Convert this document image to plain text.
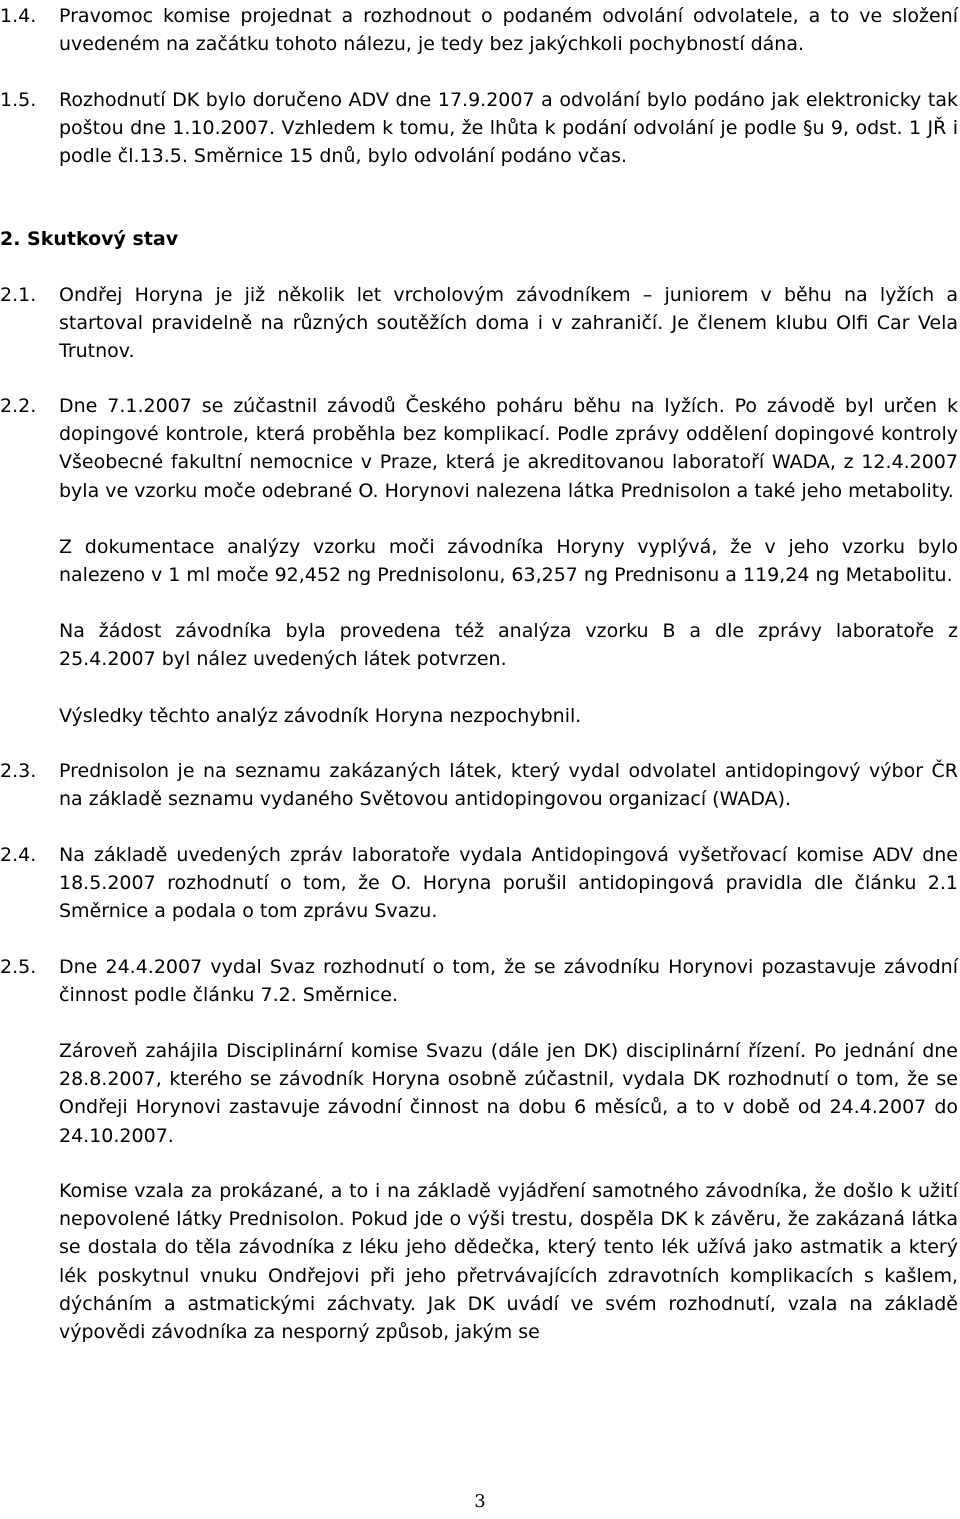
1.4. Pravomoc komise projednat a rozhodnout o podaném odvolání odvolatele, a to ve složení uvedeném na začátku tohoto nálezu, je tedy bez jakýchkoli pochybností dána.
1.5. Rozhodnutí DK bylo doručeno ADV dne 17.9.2007 a odvolání bylo podáno jak elektronicky tak poštou dne 1.10.2007. Vzhledem k tomu, že lhůta k podání odvolání je podle §u 9, odst. 1 JŘ i podle čl.13.5. Směrnice 15 dnů, bylo odvolání podáno včas.
2. Skutkový stav
2.1. Ondřej Horyna je již několik let vrcholovým závodníkem – juniorem v běhu na lyžích a startoval pravidelně na různých soutěžích doma i v zahraničí. Je členem klubu Olfi Car Vela Trutnov.
2.2. Dne 7.1.2007 se zúčastnil závodů Českého poháru běhu na lyžích. Po závodě byl určen k dopingové kontrole, která proběhla bez komplikací. Podle zprávy oddělení dopingové kontroly Všeobecné fakultní nemocnice v Praze, která je akreditovanou laboratoří WADA, z 12.4.2007 byla ve vzorku moče odebrané O. Horynovi nalezena látka Prednisolon a také jeho metabolity.
Z dokumentace analýzy vzorku moči závodníka Horyny vyplývá, že v jeho vzorku bylo nalezeno v 1 ml moče 92,452 ng Prednisolonu, 63,257 ng Prednisonu a 119,24 ng Metabolitu.
Na žádost závodníka byla provedena též analýza vzorku B a dle zprávy laboratoře z 25.4.2007 byl nález uvedených látek potvrzen.
Výsledky těchto analýz závodník Horyna nezpochybnil.
2.3. Prednisolon je na seznamu zakázaných látek, který vydal odvolatel antidopingový výbor ČR na základě seznamu vydaného Světovou antidopingovou organizací (WADA).
2.4. Na základě uvedených zpráv laboratoře vydala Antidopingová vyšetřovací komise ADV dne 18.5.2007 rozhodnutí o tom, že O. Horyna porušil antidopingová pravidla dle článku 2.1 Směrnice a podala o tom zprávu Svazu.
2.5. Dne 24.4.2007 vydal Svaz rozhodnutí o tom, že se závodníku Horynovi pozastavuje závodní činnost podle článku 7.2. Směrnice.
Zároveň zahájila Disciplinární komise Svazu (dále jen DK) disciplinární řízení. Po jednání dne 28.8.2007, kterého se závodník Horyna osobně zúčastnil, vydala DK rozhodnutí o tom, že se Ondřeji Horynovi zastavuje závodní činnost na dobu 6 měsíců, a to v době od 24.4.2007 do 24.10.2007.
Komise vzala za prokázané, a to i na základě vyjádření samotného závodníka, že došlo k užití nepovolené látky Prednisolon. Pokud jde o výši trestu, dospěla DK k závěru, že zakázaná látka se dostala do těla závodníka z léku jeho dědečka, který tento lék užívá jako astmatik a který lék poskytnul vnuku Ondřejovi při jeho přetrvávajících zdravotních komplikacích s kašlem, dýcháním a astmatickými záchvaty. Jak DK uvádí ve svém rozhodnutí, vzala na základě výpovědi závodníka za nesporný způsob, jakým se
3
